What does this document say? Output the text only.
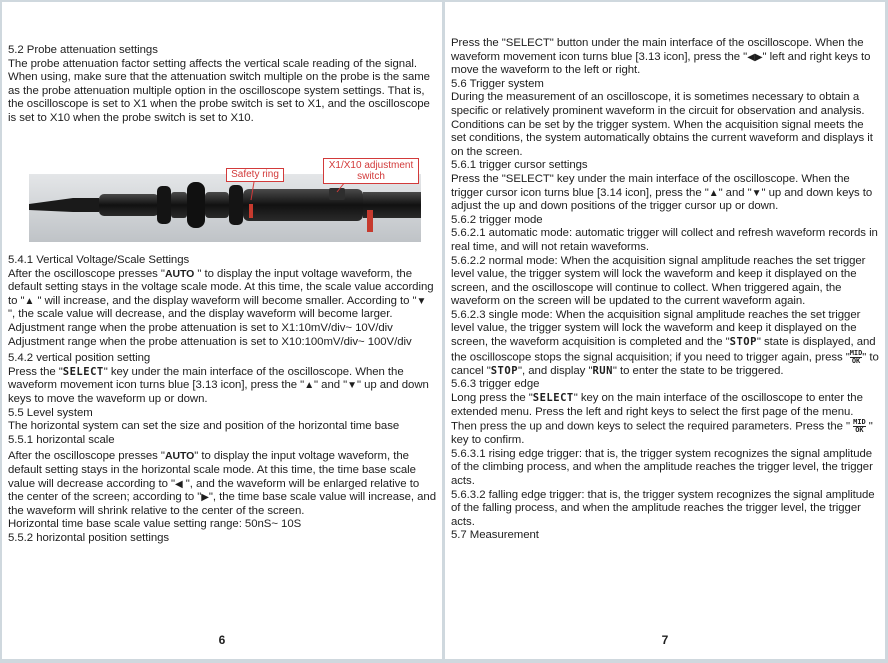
5.2 Probe attenuation settings

The probe attenuation factor setting affects the vertical scale reading of the signal. When using, make sure that the attenuation switch multiple on the probe is the same as the probe attenuation multiple option in the oscilloscope system settings. That is, the oscilloscope is set to X1 when the probe switch is set to X1, and the oscilloscope is set to X10 when the probe switch is set to X10.

Safety ring
X1/X10 adjustment
switch

5.4.1 Vertical Voltage/Scale Settings

After the oscilloscope presses "AUTO " to display the input voltage waveform, the default setting stays in the voltage scale mode. At this time, the scale value according to "▲ " will increase, and the display waveform will become smaller. According to "▼ ", the scale value will decrease, and the display waveform will become larger.

Adjustment range when the probe attenuation is set to X1:10mV/div~ 10V/div

Adjustment range when the probe attenuation is set to X10:100mV/div~ 100V/div

5.4.2 vertical position setting

Press the "SELECT" key under the main interface of the oscilloscope. When the waveform movement icon turns blue [3.13 icon], press the "▲" and "▼" up and down keys to move the waveform up or down.

5.5 Level system

The horizontal system can set the size and position of the horizontal time base

5.5.1 horizontal scale

After the oscilloscope presses "AUTO" to display the input voltage waveform, the default setting stays in the horizontal scale mode. At this time, the time base scale value will decrease according to "◀ ", and the waveform will be enlarged relative to the center of the screen; according to "▶", the time base scale value will increase, and the waveform will shrink relative to the center of the screen.

Horizontal time base scale value setting range: 50nS~ 10S

5.5.2 horizontal position settings

6

Press the "SELECT" button under the main interface of the oscilloscope. When the waveform movement icon turns blue [3.13 icon], press the "◀▶" left and right keys to move the waveform to the left or right.

5.6 Trigger system

During the measurement of an oscilloscope, it is sometimes necessary to obtain a specific or relatively prominent waveform in the circuit for observation and analysis. Conditions can be set by the trigger system. When the acquisition signal meets the set conditions, the system automatically obtains the current waveform and displays it on the screen.

5.6.1 trigger cursor settings

Press the "SELECT" key under the main interface of the oscilloscope. When the trigger cursor icon turns blue [3.14 icon], press the "▲" and "▼" up and down keys to adjust the up and down positions of the trigger cursor up or down.

5.6.2 trigger mode

5.6.2.1 automatic mode: automatic trigger will collect and refresh waveform records in real time, and will not retain waveforms.

5.6.2.2 normal mode: When the acquisition signal amplitude reaches the set trigger level value, the trigger system will lock the waveform and keep it displayed on the screen, and the oscilloscope will continue to collect. When triggered again, the waveform on the screen will be updated to the current waveform again.

5.6.2.3 single mode: When the acquisition signal amplitude reaches the set trigger level value, the trigger system will lock the waveform and keep it displayed on the screen, the waveform acquisition is completed and the "STOP" state is displayed, and the oscilloscope stops the signal acquisition; if you need to trigger again, press " $\frac{\text{MID}}{OK}$ " to cancel "STOP", and display "RUN" to enter the state to be triggered.

5.6.3 trigger edge

Long press the "SELECT" key on the main interface of the oscilloscope to enter the extended menu. Press the left and right keys to select the first page of the menu. Then press the up and down keys to select the required parameters. Press the " $\frac{\text{MID}}{OK}$ " key to confirm.

5.6.3.1 rising edge trigger: that is, the trigger system recognizes the signal amplitude of the climbing process, and when the amplitude reaches the trigger level, the trigger acts.

5.6.3.2 falling edge trigger: that is, the trigger system recognizes the signal amplitude of the falling process, and when the amplitude reaches the trigger level, the trigger acts.

5.7 Measurement

7
